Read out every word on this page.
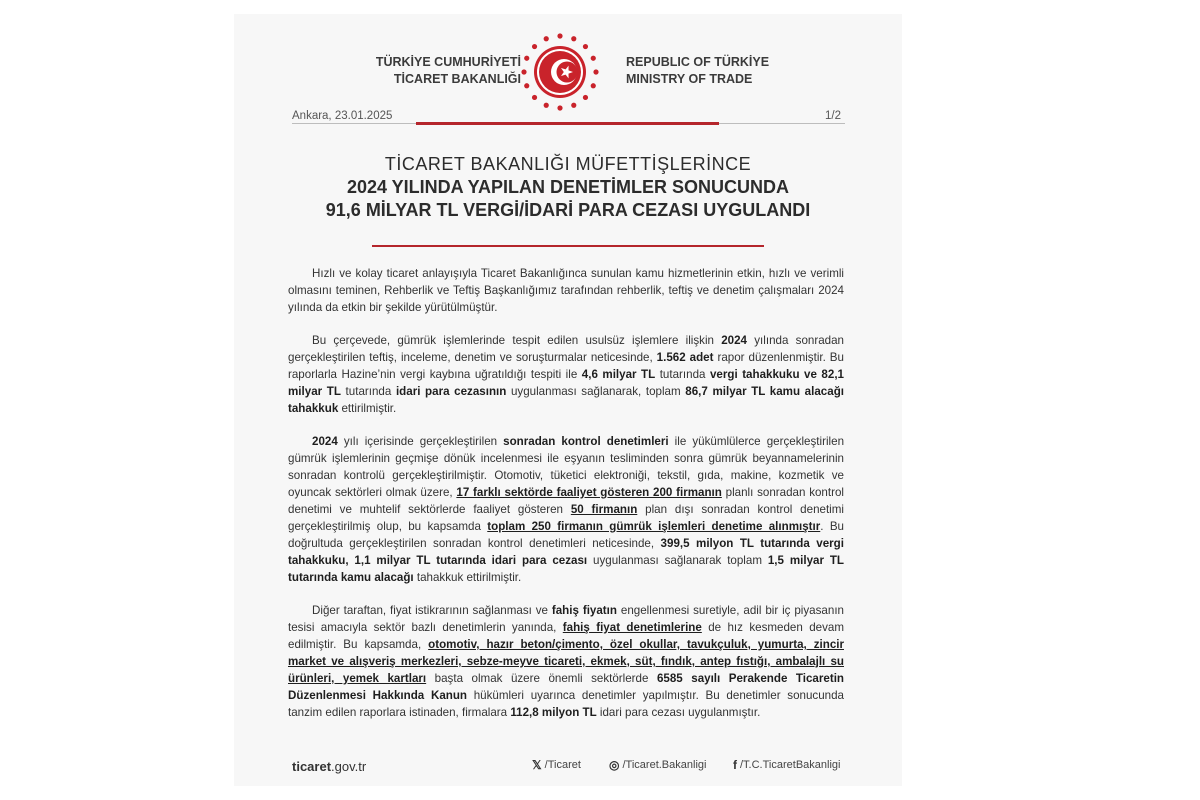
TÜRKİYE CUMHURİYETİ
TİCARET BAKANLIĞI
REPUBLIC OF TÜRKİYE
MINISTRY OF TRADE
Ankara, 23.01.2025	1/2
TİCARET BAKANLIĞI MÜFETTİŞLERİNCE
2024 YILINDA YAPILAN DENETİMLER SONUCUNDA
91,6 MİLYAR TL VERGİ/İDARİ PARA CEZASI UYGULANDI

Hızlı ve kolay ticaret anlayışıyla Ticaret Bakanlığınca sunulan kamu hizmetlerinin etkin, hızlı ve verimli olmasını teminen, Rehberlik ve Teftiş Başkanlığımız tarafından rehberlik, teftiş ve denetim çalışmaları 2024 yılında da etkin bir şekilde yürütülmüştür.

Bu çerçevede, gümrük işlemlerinde tespit edilen usulsüz işlemlere ilişkin 2024 yılında sonradan gerçekleştirilen teftiş, inceleme, denetim ve soruşturmalar neticesinde, 1.562 adet rapor düzenlenmiştir. Bu raporlarla Hazine’nin vergi kaybına uğratıldığı tespiti ile 4,6 milyar TL tutarında vergi tahakkuku ve 82,1 milyar TL tutarında idari para cezasının uygulanması sağlanarak, toplam 86,7 milyar TL kamu alacağı tahakkuk ettirilmiştir.

2024 yılı içerisinde gerçekleştirilen sonradan kontrol denetimleri ile yükümlülerce gerçekleştirilen gümrük işlemlerinin geçmişe dönük incelenmesi ile eşyanın tesliminden sonra gümrük beyannamelerinin sonradan kontrolü gerçekleştirilmiştir. Otomotiv, tüketici elektroniği, tekstil, gıda, makine, kozmetik ve oyuncak sektörleri olmak üzere, 17 farklı sektörde faaliyet gösteren 200 firmanın planlı sonradan kontrol denetimi ve muhtelif sektörlerde faaliyet gösteren 50 firmanın plan dışı sonradan kontrol denetimi gerçekleştirilmiş olup, bu kapsamda toplam 250 firmanın gümrük işlemleri denetime alınmıştır. Bu doğrultuda gerçekleştirilen sonradan kontrol denetimleri neticesinde, 399,5 milyon TL tutarında vergi tahakkuku, 1,1 milyar TL tutarında idari para cezası uygulanması sağlanarak toplam 1,5 milyar TL tutarında kamu alacağı tahakkuk ettirilmiştir.

Diğer taraftan, fiyat istikrarının sağlanması ve fahiş fiyatın engellenmesi suretiyle, adil bir iç piyasanın tesisi amacıyla sektör bazlı denetimlerin yanında, fahiş fiyat denetimlerine de hız kesmeden devam edilmiştir. Bu kapsamda, otomotiv, hazır beton/çimento, özel okullar, tavukçuluk, yumurta, zincir market ve alışveriş merkezleri, sebze-meyve ticareti, ekmek, süt, fındık, antep fıstığı, ambalajlı su ürünleri, yemek kartları başta olmak üzere önemli sektörlerde 6585 sayılı Perakende Ticaretin Düzenlenmesi Hakkında Kanun hükümleri uyarınca denetimler yapılmıştır. Bu denetimler sonucunda tanzim edilen raporlara istinaden, firmalara 112,8 milyon TL idari para cezası uygulanmıştır.

ticaret.gov.tr	𝕏 /Ticaret ◎ /Ticaret.Bakanligi f /T.C.TicaretBakanligi
